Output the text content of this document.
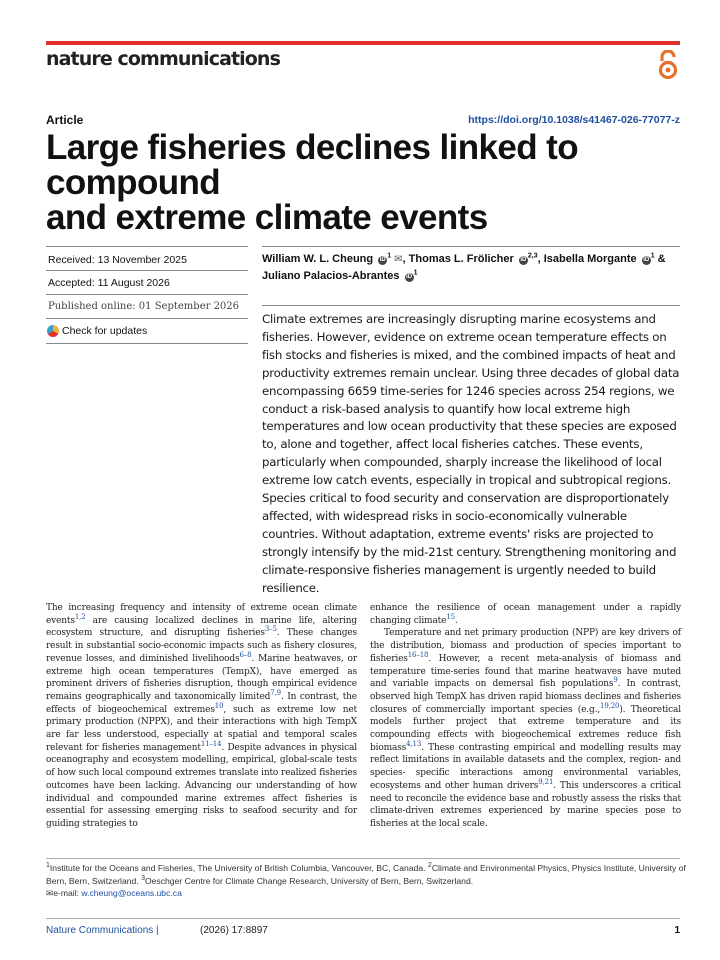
nature communications
Article	https://doi.org/10.1038/s41467-026-77077-z
Large fisheries declines linked to compound
and extreme climate events
Received: 13 November 2025
Accepted: 11 August 2026
Published online: 01 September 2026
Check for updates
William W. L. Cheung $iD^1$ ✉, Thomas L. Frölicher iD$^{2,3}$, Isabella Morgante $iD^1$ &
Juliano Palacios-Abrantes $iD^1$

Climate extremes are increasingly disrupting marine ecosystems and fisheries. However, evidence on extreme ocean temperature effects on fish stocks and fisheries is mixed, and the combined impacts of heat and productivity extremes remain unclear. Using three decades of global data encompassing 6659 time-series for 1246 species across 254 regions, we conduct a risk-based analysis to quantify how local extreme high temperatures and low ocean productivity that these species are exposed to, alone and together, affect local fisheries catches. These events, particularly when compounded, sharply increase the likelihood of local extreme low catch events, especially in tropical and subtropical regions. Species critical to food security and conservation are disproportionately affected, with widespread risks in socio-economically vulnerable countries. Without adaptation, extreme events' risks are projected to strongly intensify by the mid-21st century. Strengthening monitoring and climate-responsive fisheries management is urgently needed to build resilience.

The increasing frequency and intensity of extreme ocean climate events$^{1,2}$ are causing localized declines in marine life, altering ecosystem structure, and disrupting fisheries$^{3-5}$. These changes result in substantial socio-economic impacts such as fishery closures, revenue losses, and diminished livelihoods$^{6-8}$. Marine heatwaves, or extreme high ocean temperatures (TempX), have emerged as prominent drivers of fisheries disruption, though empirical evidence remains geographically and taxonomically limited$^{7,9}$. In contrast, the effects of biogeochemical extremes$^{10}$, such as extreme low net primary production (NPPX), and their interactions with high TempX are far less understood, especially at spatial and temporal scales relevant for fisheries management$^{11-14}$. Despite advances in physical oceanography and ecosystem modelling, empirical, global-scale tests of how such local compound extremes translate into realized fisheries outcomes have been lacking. Advancing our understanding of how individual and compounded marine extremes affect fisheries is essential for assessing emerging risks to seafood security and for guiding strategies to

enhance the resilience of ocean management under a rapidly changing climate$^{15}$.

Temperature and net primary production (NPP) are key drivers of the distribution, biomass and production of species important to fisheries$^{16-18}$. However, a recent meta-analysis of biomass and temperature time-series found that marine heatwaves have muted and variable impacts on demersal fish populations$^9$. In contrast, observed high TempX has driven rapid biomass declines and fisheries closures of commercially important species (e.g.,$^{19,20}$). Theoretical models further project that extreme temperature and its compounding effects with biogeochemical extremes reduce fish biomass$^{4,13}$. These contrasting empirical and modelling results may reflect limitations in available datasets and the complex, region- and species- specific interactions among environmental variables, ecosystems and other human drivers$^{9,21}$. This underscores a critical need to reconcile the evidence base and robustly assess the risks that climate-driven extremes experienced by marine species pose to fisheries at the local scale.

$^1$Institute for the Oceans and Fisheries, The University of British Columbia, Vancouver, BC, Canada. $^2$Climate and Environmental Physics, Physics Institute, University of Bern, Bern, Switzerland. $^3$Oeschger Centre for Climate Change Research, University of Bern, Bern, Switzerland.
✉e-mail: w.cheung@oceans.ubc.ca
Nature Communications |	(2026) 17:8897	1
